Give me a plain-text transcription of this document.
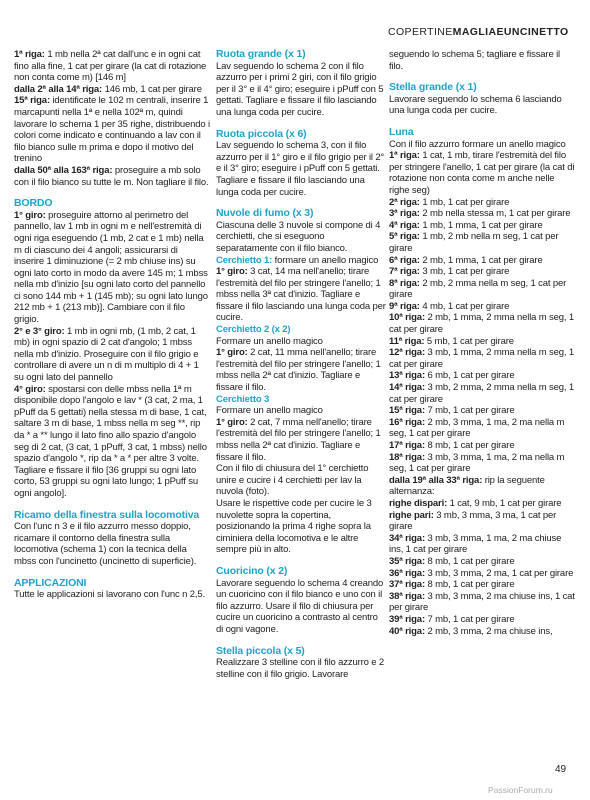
COPERTINEMAGLIAEUNCINETTO

1ª riga: 1 mb nella 2ª cat dall'unc e in ogni cat fino alla fine, 1 cat per girare (la cat di rotazione non conta come m) [146 m]

dalla 2ª alla 14ª riga: 146 mb, 1 cat per girare

15ª riga: identificate le 102 m centrali, inserire 1 marcapunti nella 1ª e nella 102ª m, quindi lavorare lo schema 1 per 35 righe, distribuendo i colori come indicato e continuando a lav con il filo bianco sulle m prima e dopo il motivo del trenino

dalla 50ª alla 163ª riga: proseguire a mb solo con il filo bianco su tutte le m. Non tagliare il filo.

BORDO

1° giro: proseguire attorno al perimetro del pannello, lav 1 mb in ogni m e nell'estremità di ogni riga eseguendo (1 mb, 2 cat e 1 mb) nella m di ciascuno dei 4 angoli; assicurarsi di inserire 1 diminuzione (= 2 mb chiuse ins) su ogni lato corto in modo da avere 145 m; 1 mbss nella mb d'inizio [su ogni lato corto del pannello ci sono 144 mb + 1 (145 mb); su ogni lato lungo 212 mb + 1 (213 mb)]. Cambiare con il filo grigio.

2° e 3° giro: 1 mb in ogni mb, (1 mb, 2 cat, 1 mb) in ogni spazio di 2 cat d'angolo; 1 mbss nella mb d'inizio. Proseguire con il filo grigio e controllare di avere un n di m multiplo di 4 + 1 su ogni lato del pannello

4° giro: spostarsi con delle mbss nella 1ª m disponibile dopo l'angolo e lav * (3 cat, 2 ma, 1 pPuff da 5 gettati) nella stessa m di base, 1 cat, saltare 3 m di base, 1 mbss nella m seg **, rip da * a ** lungo il lato fino allo spazio d'angolo seg di 2 cat, (3 cat, 1 pPuff, 3 cat, 1 mbss) nello spazio d'angolo *, rip da * a * per altre 3 volte.

Tagliare e fissare il filo [36 gruppi su ogni lato corto, 53 gruppi su ogni lato lungo; 1 pPuff su ogni angolo].

Ricamo della finestra sulla locomotiva

Con l'unc n 3 e il filo azzurro messo doppio, ricamare il contorno della finestra sulla locomotiva (schema 1) con la tecnica della mbss con l'uncinetto (uncinetto di superficie).

APPLICAZIONI

Tutte le applicazioni si lavorano con l'unc n 2,5.

Ruota grande (x 1)

Lav seguendo lo schema 2 con il filo azzurro per i primi 2 giri, con il filo grigio per il 3° e il 4° giro; eseguire i pPuff con 5 gettati. Tagliare e fissare il filo lasciando una lunga coda per cucire.

Ruota piccola (x 6)

Lav seguendo lo schema 3, con il filo azzurro per il 1° giro e il filo grigio per il 2° e il 3° giro; eseguire i pPuff con 5 gettati. Tagliare e fissare il filo lasciando una lunga coda per cucire.

Nuvole di fumo (x 3)

Ciascuna delle 3 nuvole si compone di 4 cerchietti, che si eseguono separatamente con il filo bianco.

Cerchietto 1: formare un anello magico

1° giro: 3 cat, 14 ma nell'anello; tirare l'estremità del filo per stringere l'anello; 1 mbss nella 3ª cat d'inizio. Tagliare e fissare il filo lasciando una lunga coda per cucire.

Cerchietto 2 (x 2)

Formare un anello magico

1° giro: 2 cat, 11 mma nell'anello; tirare l'estremità del filo per stringere l'anello; 1 mbss nella 2ª cat d'inizio. Tagliare e fissare il filo.

Cerchietto 3

Formare un anello magico

1° giro: 2 cat, 7 mma nell'anello; tirare l'estremità del filo per stringere l'anello; 1 mbss nella 2ª cat d'inizio. Tagliare e fissare il filo.

Con il filo di chiusura del 1° cerchietto unire e cucire i 4 cerchietti per lav la nuvola (foto).

Usare le rispettive code per cucire le 3 nuvolette sopra la copertina, posizionando la prima 4 righe sopra la ciminiera della locomotiva e le altre sempre più in alto.

Cuoricino (x 2)

Lavorare seguendo lo schema 4 creando un cuoricino con il filo bianco e uno con il filo azzurro. Usare il filo di chiusura per cucire un cuoricino a contrasto al centro di ogni vagone.

Stella piccola (x 5)

Realizzare 3 stelline con il filo azzurro e 2 stelline con il filo grigio. Lavorare

seguendo lo schema 5; tagliare e fissare il filo.

Stella grande (x 1)

Lavorare seguendo lo schema 6 lasciando una lunga coda per cucire.

Luna

Con il filo azzurro formare un anello magico

1ª riga: 1 cat, 1 mb, tirare l'estremità del filo per stringere l'anello, 1 cat per girare (la cat di rotazione non conta come m anche nelle righe seg)

2ª riga: 1 mb, 1 cat per girare

3ª riga: 2 mb nella stessa m, 1 cat per girare

4ª riga: 1 mb, 1 mma, 1 cat per girare

5ª riga: 1 mb, 2 mb nella m seg, 1 cat per girare

6ª riga: 2 mb, 1 mma, 1 cat per girare

7ª riga: 3 mb, 1 cat per girare

8ª riga: 2 mb, 2 mma nella m seg, 1 cat per girare

9ª riga: 4 mb, 1 cat per girare

10ª riga: 2 mb, 1 mma, 2 mma nella m seg, 1 cat per girare

11ª riga: 5 mb, 1 cat per girare

12ª riga: 3 mb, 1 mma, 2 mma nella m seg, 1 cat per girare

13ª riga: 6 mb, 1 cat per girare

14ª riga: 3 mb, 2 mma, 2 mma nella m seg, 1 cat per girare

15ª riga: 7 mb, 1 cat per girare

16ª riga: 2 mb, 3 mma, 1 ma, 2 ma nella m seg, 1 cat per girare

17ª riga: 8 mb, 1 cat per girare

18ª riga: 3 mb, 3 mma, 1 ma, 2 ma nella m seg, 1 cat per girare

dalla 19ª alla 33ª riga: rip la seguente alternanza:

righe dispari: 1 cat, 9 mb, 1 cat per girare

righe pari: 3 mb, 3 mma, 3 ma, 1 cat per girare

34ª riga: 3 mb, 3 mma, 1 ma, 2 ma chiuse ins, 1 cat per girare

35ª riga: 8 mb, 1 cat per girare

36ª riga: 3 mb, 3 mma, 2 ma, 1 cat per girare

37ª riga: 8 mb, 1 cat per girare

38ª riga: 3 mb, 3 mma, 2 ma chiuse ins, 1 cat per girare

39ª riga: 7 mb, 1 cat per girare

40ª riga: 2 mb, 3 mma, 2 ma chiuse ins,

49
PassionForum.ru
